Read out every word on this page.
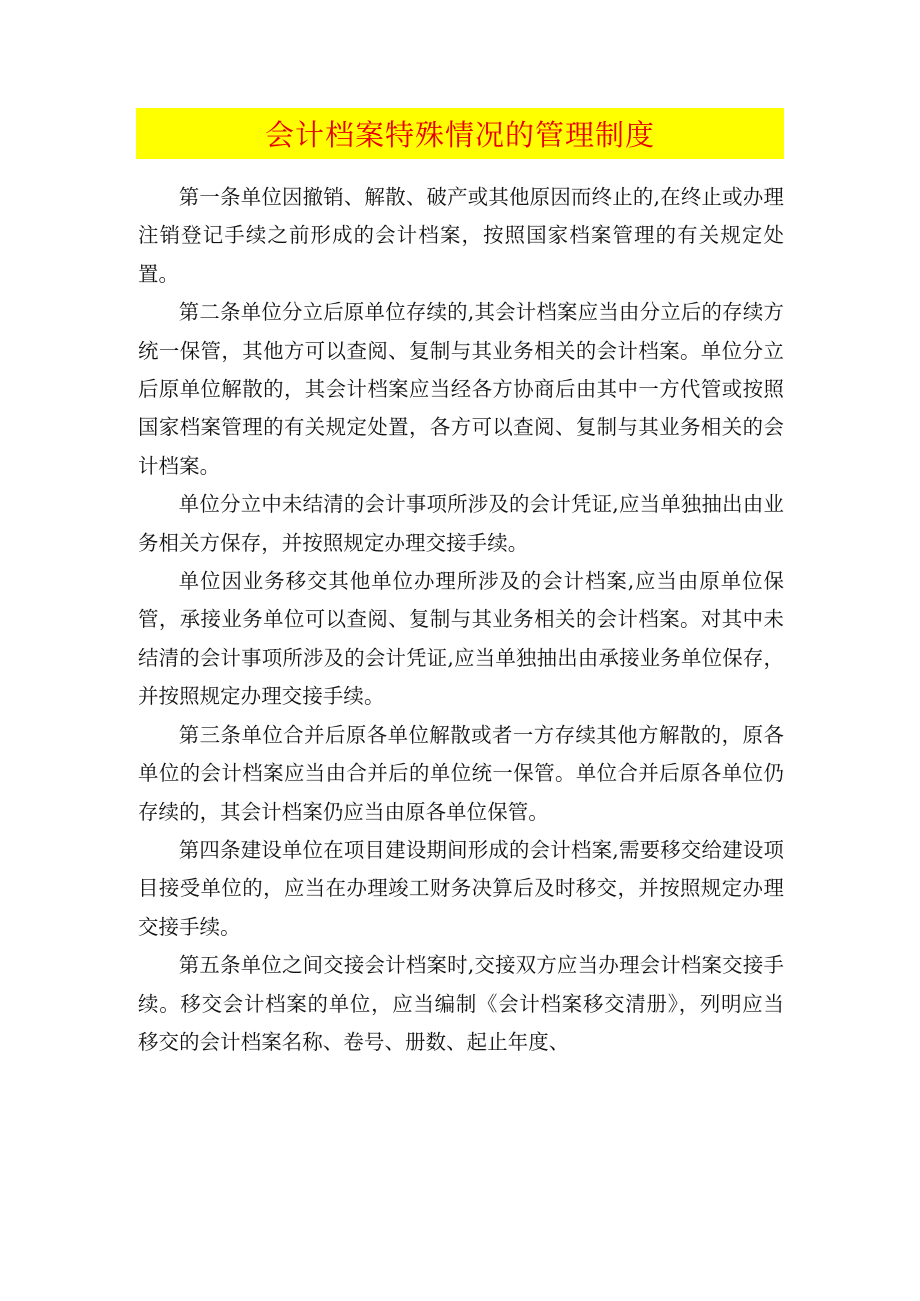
会计档案特殊情况的管理制度

第一条单位因撤销、解散、破产或其他原因而终止的,在终止或办理注销登记手续之前形成的会计档案，按照国家档案管理的有关规定处置。

第二条单位分立后原单位存续的,其会计档案应当由分立后的存续方统一保管，其他方可以查阅、复制与其业务相关的会计档案。单位分立后原单位解散的，其会计档案应当经各方协商后由其中一方代管或按照国家档案管理的有关规定处置，各方可以查阅、复制与其业务相关的会计档案。

单位分立中未结清的会计事项所涉及的会计凭证,应当单独抽出由业务相关方保存，并按照规定办理交接手续。

单位因业务移交其他单位办理所涉及的会计档案,应当由原单位保管，承接业务单位可以查阅、复制与其业务相关的会计档案。对其中未结清的会计事项所涉及的会计凭证,应当单独抽出由承接业务单位保存，并按照规定办理交接手续。

第三条单位合并后原各单位解散或者一方存续其他方解散的，原各单位的会计档案应当由合并后的单位统一保管。单位合并后原各单位仍存续的，其会计档案仍应当由原各单位保管。

第四条建设单位在项目建设期间形成的会计档案,需要移交给建设项目接受单位的，应当在办理竣工财务决算后及时移交，并按照规定办理交接手续。

第五条单位之间交接会计档案时,交接双方应当办理会计档案交接手续。移交会计档案的单位，应当编制《会计档案移交清册》，列明应当移交的会计档案名称、卷号、册数、起止年度、
